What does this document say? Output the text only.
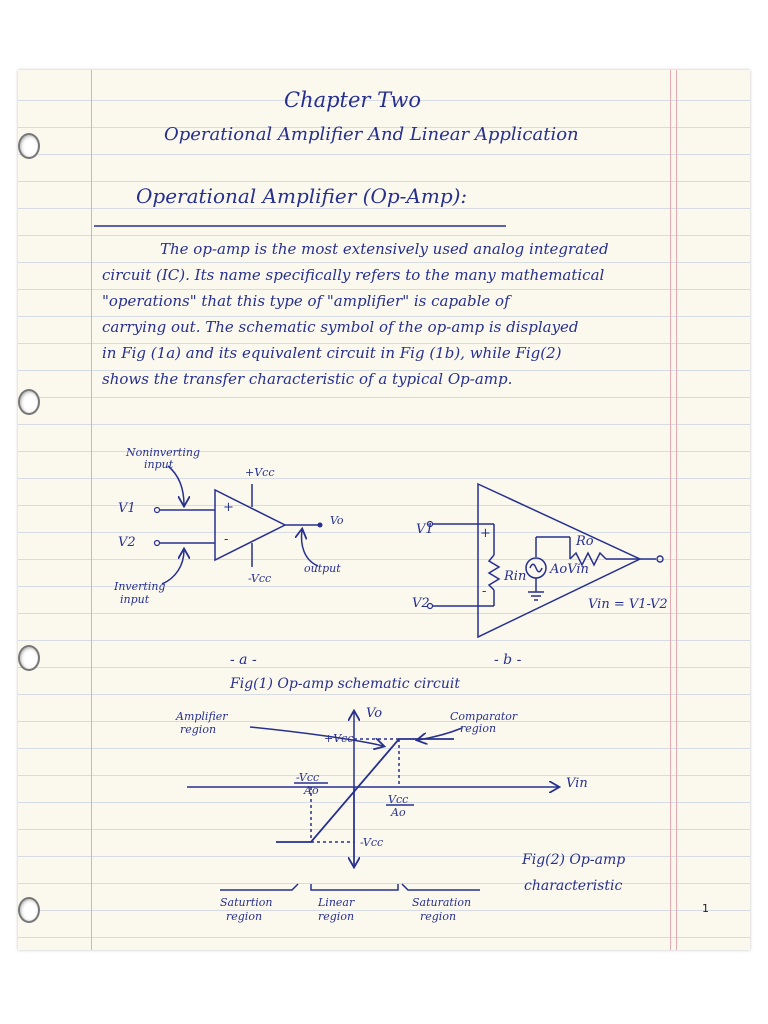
Chapter Two
Operational Amplifier And Linear Application
Operational Amplifier (Op-Amp):
The op-amp is the most extensively used analog integrated
circuit (IC). Its name specifically refers to the many mathematical
"operations" that this type of "amplifier" is capable of
carrying out. The schematic symbol of the op-amp is displayed
in Fig (1a) and its equivalent circuit in Fig (1b), while Fig(2)
shows the transfer characteristic of a typical Op-amp.
Noninverting
input
+Vcc
V1
V2
+
-
Vo
output
-Vcc
Inverting
input
- a -
V1
V2
+
-
Rin
Ro
AoVin
Vin = V1-V2
- b -
Fig(1) Op-amp schematic circuit
Amplifier
region
Vo	Comparator
region
+Vcc
Vin
-Vcc
Ao
Vcc
Ao
-Vcc
Fig(2) Op-amp
characteristic
Saturtion
region
Linear
region
Saturation
region
1
